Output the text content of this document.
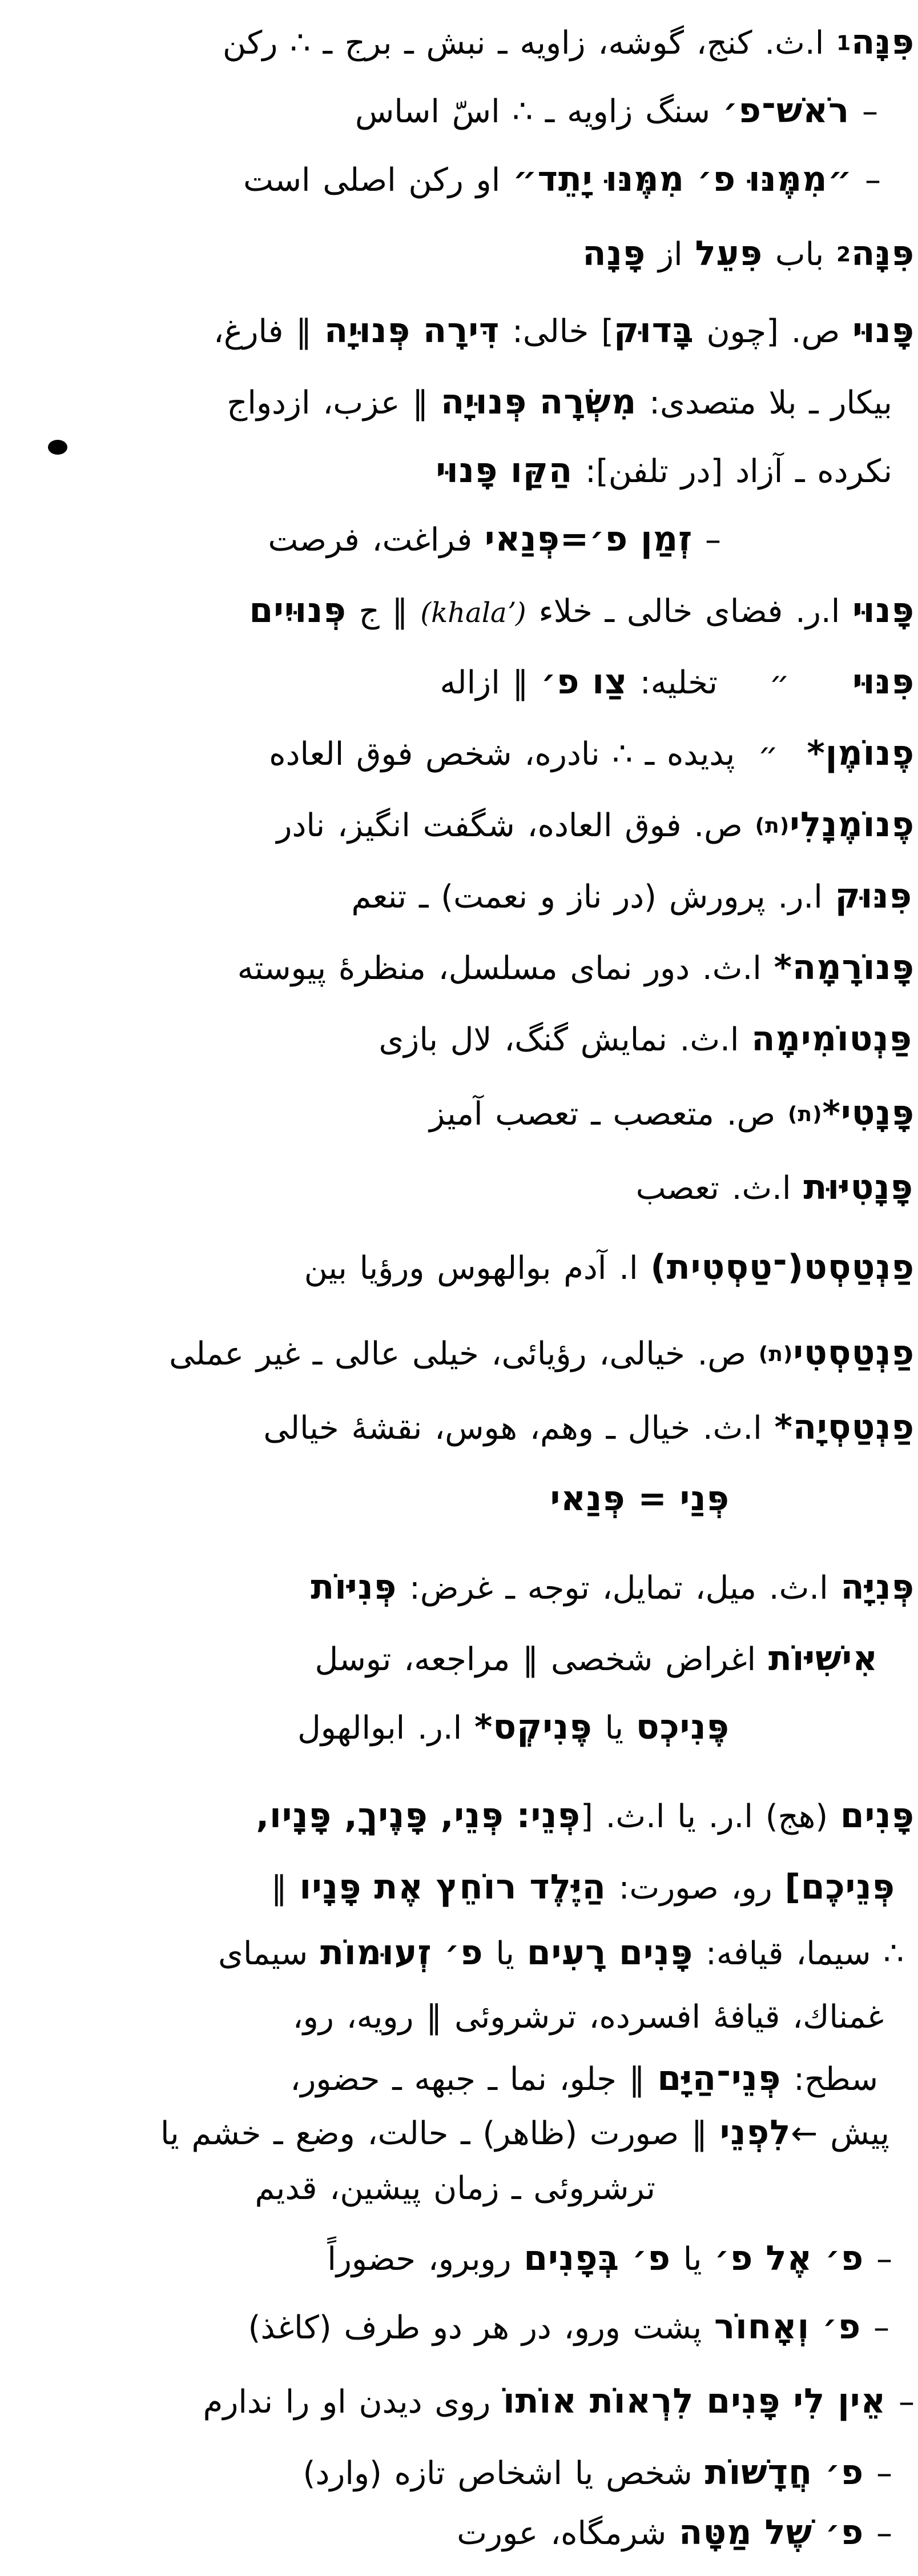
פִּנָּה1 ا.ث. كنج، گوشه، زاويه ـ نبش ـ برج ـ ∴ ركن
– רֹאשׁ־פ׳ سنگ زاويه ـ ∴ اسّ اساس
– ״מִמֶּנּוּ פ׳ מִמֶּנּוּ יָתֵד״ او ركن اصلی است
פִּנָּה2 باب פִּעֵל از פָּנָה
פָּנוּי ص. [چون בָּדוּק] خالی: דִּירָה פְּנוּיָה ‖ فارغ،
بیكار ـ بلا متصدی: מִשְׂרָה פְּנוּיָה ‖ عزب، ازدواج
نكرده ـ آزاد [در تلفن]: הַקַּו פָּנוּי
– זְמַן פ׳=פְּנַאי فراغت، فرصت
פָּנוּי ا.ر. فضای خالی ـ خلاء (khalaʼ) ‖ ج פְּנוּיִים
פִּנּוּי״تخلیه: צַו פ׳ ‖ ازاله
פֶנוֹמֶן*״پدیده ـ ∴ نادره، شخص فوق العاده
פֶנוֹמֶנָלִי(ת) ص. فوق العاده، شگفت انگیز، نادر
פִּנּוּק ا.ر. پرورش (در ناز و نعمت) ـ تنعم
פָּנוֹרָמָה* ا.ث. دور نمای مسلسل، منظرهٔ پیوسته
פַּנְטוֹמִימָה ا.ث. نمایش گنگ، لال بازی
פָּנָטִי*(ת) ص. متعصب ـ تعصب آمیز
פָּנָטִיּוּת ا.ث. تعصب
פַנְטַסְט(־טַסְטִית) ا. آدم بوالهوس ورؤیا بین
פַנְטַסְטִי(ת) ص. خیالی، رؤیائی، خیلی عالی ـ غیر عملی
פַנְטַסְיָה* ا.ث. خیال ـ وهم، هوس، نقشهٔ خیالی
פְּנַי = פְּנַאי
פְּנִיָּה ا.ث. میل، تمایل، توجه ـ غرض: פְּנִיּוֹת
אִישִׁיּוֹת اغراض شخصی ‖ مراجعه، توسل
פֶּנִיכְס یا פֶּנִיקְס* ا.ر. ابوالهول
פָּנִים (هج) ا.ر. یا ا.ث. [פְּנֵי: פְּנֵי, פָּנֶיךָ, פָּנָיו,
פְּנֵיכֶם] رو، صورت: הַיֶּלֶד רוֹחֵץ אֶת פָּנָיו ‖
∴ سیما، قیافه: פָּנִים רָעִים یا פ׳ זְעוּמוֹת سیمای
غمناك، قیافهٔ افسرده، ترشروئی ‖ رویه، رو،
سطح: פְּנֵי־הַיָּם ‖ جلو، نما ـ جبهه ـ حضور،
پیش ←לִפְנֵי ‖ صورت (ظاهر) ـ حالت، وضع ـ خشم یا
ترشروئی ـ زمان پیشین، قدیم
– פ׳ אֶל פ׳ یا פ׳ בְּפָנִים روبرو، حضوراً
– פ׳ וְאָחוֹר پشت ورو، در هر دو طرف (كاغذ)
– אֵין לִי פָּנִים לִרְאוֹת אוֹתוֹ روی دیدن او را ندارم
– פ׳ חֲדָשׁוֹת شخص یا اشخاص تازه (وارد)
– פ׳ שֶׁל מַטָּה شرمگاه، عورت
